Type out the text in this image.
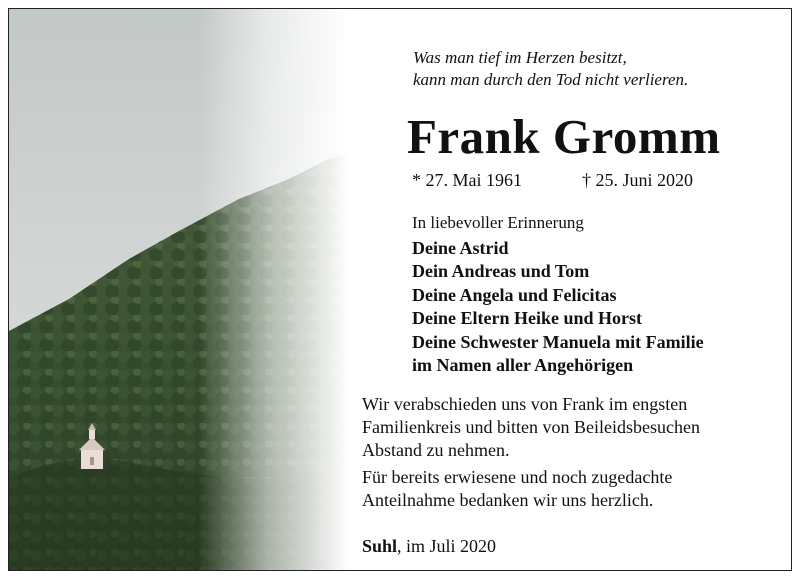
Was man tief im Herzen besitzt,
kann man durch den Tod nicht verlieren.
Frank Gromm
* 27. Mai 1961	† 25. Juni 2020
In liebevoller Erinnerung
Deine Astrid
Dein Andreas und Tom
Deine Angela und Felicitas
Deine Eltern Heike und Horst
Deine Schwester Manuela mit Familie
im Namen aller Angehörigen
Wir verabschieden uns von Frank im engsten
Familienkreis und bitten von Beileidsbesuchen
Abstand zu nehmen.
Für bereits erwiesene und noch zugedachte
Anteilnahme bedanken wir uns herzlich.
Suhl, im Juli 2020
